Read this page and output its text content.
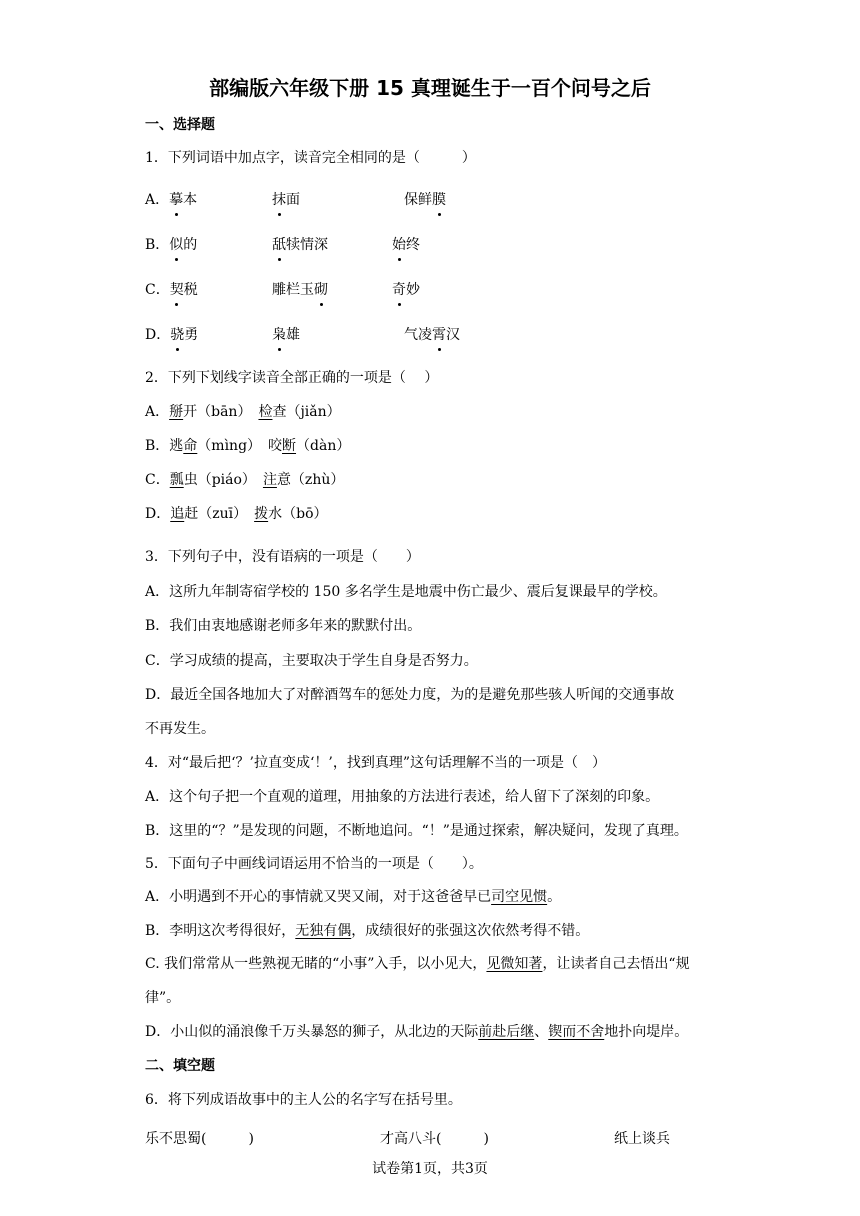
部编版六年级下册 15 真理诞生于一百个问号之后
一、选择题
1．下列词语中加点字，读音完全相同的是（　　　）
A．摹本	抹面	保鲜膜
B．似的	舐犊情深	始终
C．契税	雕栏玉砌	奇妙
D．骁勇	枭雄	气凌霄汉
2．下列下划线字读音全部正确的一项是（　 ）
A．掰开（bān）　 检查（jiǎn）
B．逃命（mìng）　 咬断（dàn）
C．瓢虫（piáo）　 注意（zhù）
D．追赶（zuī）　 拨水（bō）
3．下列句子中，没有语病的一项是（　　）
A．这所九年制寄宿学校的 150 多名学生是地震中伤亡最少、震后复课最早的学校。
B．我们由衷地感谢老师多年来的默默付出。
C．学习成绩的提高，主要取决于学生自身是否努力。
D．最近全国各地加大了对醉酒驾车的惩处力度，为的是避免那些骇人听闻的交通事故
不再发生。
4．对“最后把‘？’拉直变成‘！’，找到真理”这句话理解不当的一项是（　）
A．这个句子把一个直观的道理，用抽象的方法进行表述，给人留下了深刻的印象。
B．这里的“？”是发现的问题，不断地追问。“！”是通过探索，解决疑问，发现了真理。
5．下面句子中画线词语运用不恰当的一项是（　　）。
A．小明遇到不开心的事情就又哭又闹，对于这爸爸早已司空见惯。
B．李明这次考得很好，无独有偶，成绩很好的张强这次依然考得不错。
C. 我们常常从一些熟视无睹的“小事”入手，以小见大，见微知著，让读者自己去悟出“规
律”。
D．小山似的涌浪像千万头暴怒的狮子，从北边的天际前赴后继、锲而不舍地扑向堤岸。
二、填空题
6．将下列成语故事中的主人公的名字写在括号里。
乐不思蜀(　　　)	才高八斗(　　　)	纸上谈兵
试卷第1页，共3页
